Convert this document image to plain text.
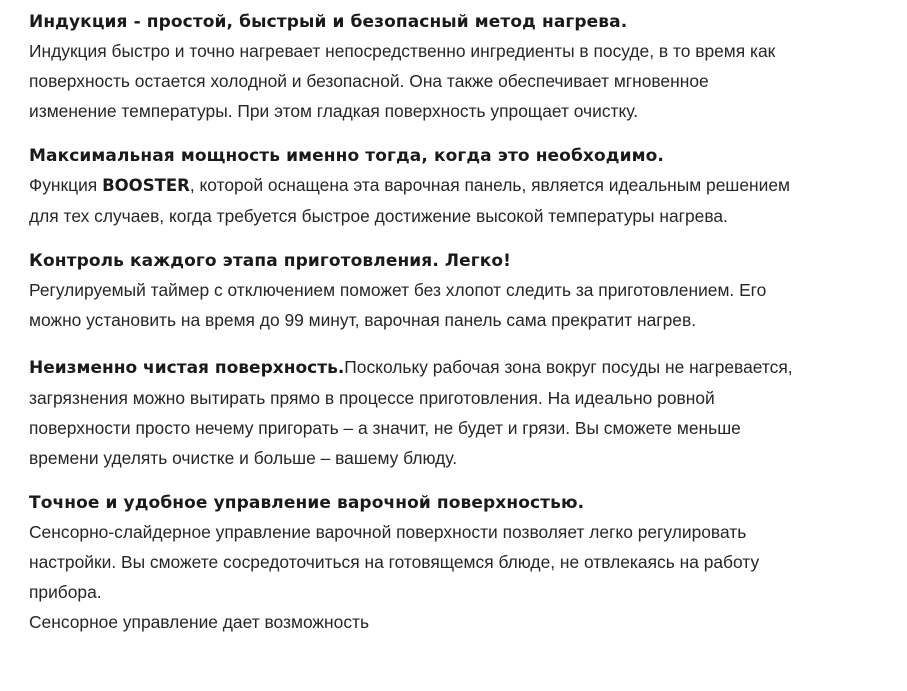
Индукция - простой, быстрый и безопасный метод нагрева.

Индукция быстро и точно нагревает непосредственно ингредиенты в посуде, в то время как
поверхность остается холодной и безопасной. Она также обеспечивает мгновенное
изменение температуры. При этом гладкая поверхность упрощает очистку.

Максимальная мощность именно тогда, когда это необходимо.

Функция BOOSTER, которой оснащена эта варочная панель, является идеальным решением
для тех случаев, когда требуется быстрое достижение высокой температуры нагрева.

Контроль каждого этапа приготовления. Легко!

Регулируемый таймер с отключением поможет без хлопот следить за приготовлением. Его
можно установить на время до 99 минут, варочная панель сама прекратит нагрев.

Неизменно чистая поверхность.Поскольку рабочая зона вокруг посуды не нагревается,
загрязнения можно вытирать прямо в процессе приготовления. На идеально ровной
поверхности просто нечему пригорать – а значит, не будет и грязи. Вы сможете меньше
времени уделять очистке и больше – вашему блюду.

Точное и удобное управление варочной поверхностью.

Сенсорно-слайдерное управление варочной поверхности позволяет легко регулировать
настройки. Вы сможете сосредоточиться на готовящемся блюде, не отвлекаясь на работу
прибора.
Сенсорное управление дает возможность
